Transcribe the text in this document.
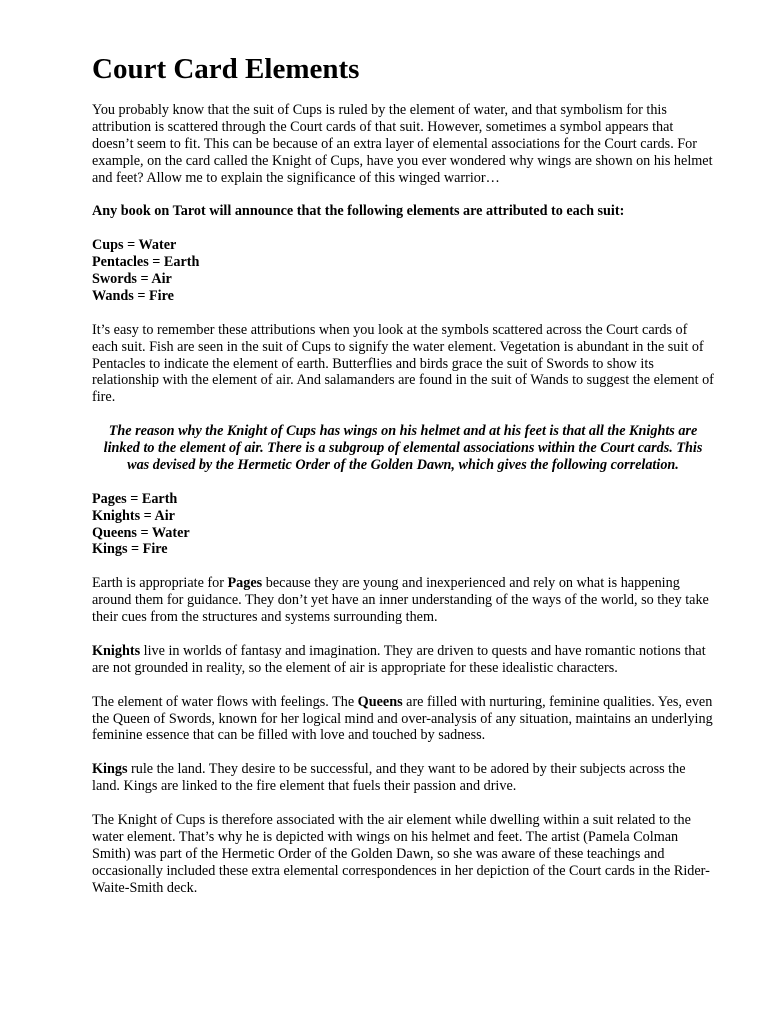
Court Card Elements

You probably know that the suit of Cups is ruled by the element of water, and that symbolism for this attribution is scattered through the Court cards of that suit. However, sometimes a symbol appears that doesn’t seem to fit. This can be because of an extra layer of elemental associations for the Court cards. For example, on the card called the Knight of Cups, have you ever wondered why wings are shown on his helmet and feet? Allow me to explain the significance of this winged warrior…

Any book on Tarot will announce that the following elements are attributed to each suit:

Cups = Water
Pentacles = Earth
Swords = Air
Wands = Fire

It’s easy to remember these attributions when you look at the symbols scattered across the Court cards of each suit. Fish are seen in the suit of Cups to signify the water element. Vegetation is abundant in the suit of Pentacles to indicate the element of earth. Butterflies and birds grace the suit of Swords to show its relationship with the element of air. And salamanders are found in the suit of Wands to suggest the element of fire.

The reason why the Knight of Cups has wings on his helmet and at his feet is that all the Knights are linked to the element of air. There is a subgroup of elemental associations within the Court cards. This was devised by the Hermetic Order of the Golden Dawn, which gives the following correlation.

Pages = Earth
Knights = Air
Queens = Water
Kings = Fire

Earth is appropriate for Pages because they are young and inexperienced and rely on what is happening around them for guidance. They don’t yet have an inner understanding of the ways of the world, so they take their cues from the structures and systems surrounding them.

Knights live in worlds of fantasy and imagination. They are driven to quests and have romantic notions that are not grounded in reality, so the element of air is appropriate for these idealistic characters.

The element of water flows with feelings. The Queens are filled with nurturing, feminine qualities. Yes, even the Queen of Swords, known for her logical mind and over-analysis of any situation, maintains an underlying feminine essence that can be filled with love and touched by sadness.

Kings rule the land. They desire to be successful, and they want to be adored by their subjects across the land. Kings are linked to the fire element that fuels their passion and drive.

The Knight of Cups is therefore associated with the air element while dwelling within a suit related to the water element. That’s why he is depicted with wings on his helmet and feet. The artist (Pamela Colman Smith) was part of the Hermetic Order of the Golden Dawn, so she was aware of these teachings and occasionally included these extra elemental correspondences in her depiction of the Court cards in the Rider-Waite-Smith deck.
